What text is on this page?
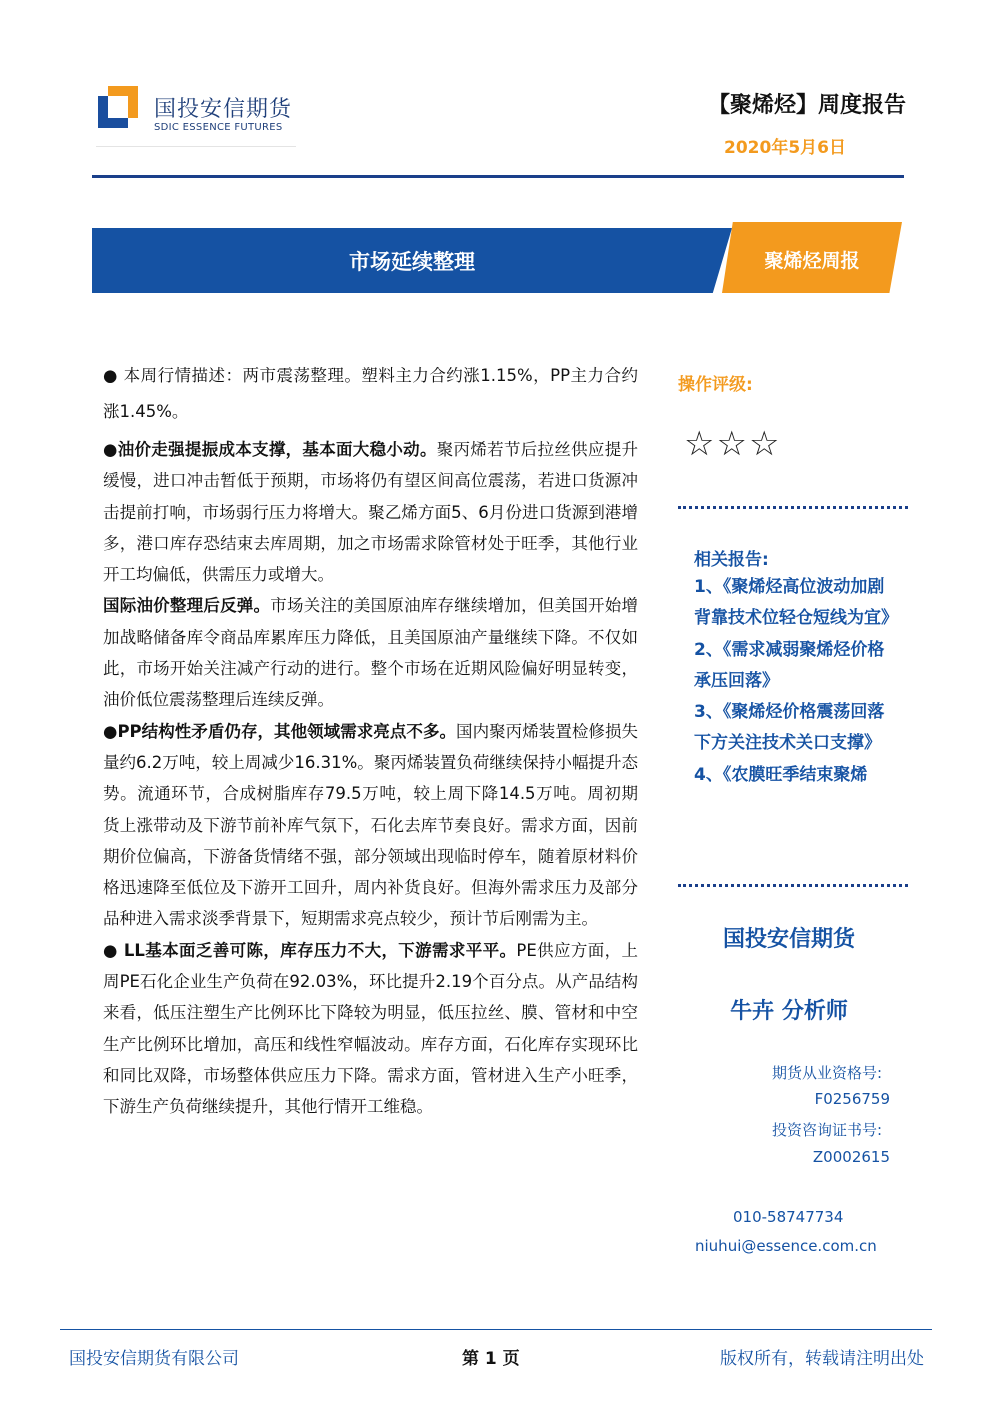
国投安信期货
SDIC ESSENCE FUTURES
【聚烯烃】周度报告
2020年5月6日
市场延续整理	聚烯烃周报

● 本周行情描述：两市震荡整理。塑料主力合约涨1.15%，PP主力合约涨1.45%。

●油价走强提振成本支撑，基本面大稳小动。聚丙烯若节后拉丝供应提升缓慢，进口冲击暂低于预期，市场将仍有望区间高位震荡，若进口货源冲击提前打响，市场弱行压力将增大。聚乙烯方面5、6月份进口货源到港增多，港口库存恐结束去库周期，加之市场需求除管材处于旺季，其他行业开工均偏低，供需压力或增大。

国际油价整理后反弹。市场关注的美国原油库存继续增加，但美国开始增加战略储备库令商品库累库压力降低，且美国原油产量继续下降。不仅如此，市场开始关注减产行动的进行。整个市场在近期风险偏好明显转变，油价低位震荡整理后连续反弹。

●PP结构性矛盾仍存，其他领域需求亮点不多。国内聚丙烯装置检修损失量约6.2万吨，较上周减少16.31%。聚丙烯装置负荷继续保持小幅提升态势。流通环节，合成树脂库存79.5万吨，较上周下降14.5万吨。周初期货上涨带动及下游节前补库气氛下，石化去库节奏良好。需求方面，因前期价位偏高，下游备货情绪不强，部分领域出现临时停车，随着原材料价格迅速降至低位及下游开工回升，周内补货良好。但海外需求压力及部分品种进入需求淡季背景下，短期需求亮点较少，预计节后刚需为主。

● LL基本面乏善可陈，库存压力不大，下游需求平平。PE供应方面，上周PE石化企业生产负荷在92.03%，环比提升2.19个百分点。从产品结构来看，低压注塑生产比例环比下降较为明显，低压拉丝、膜、管材和中空生产比例环比增加，高压和线性窄幅波动。库存方面，石化库存实现环比和同比双降，市场整体供应压力下降。需求方面，管材进入生产小旺季，下游生产负荷继续提升，其他行情开工维稳。

操作评级:
☆☆☆
相关报告:
1、《聚烯烃高位波动加剧 背靠技术位轻仓短线为宜》
2、《需求减弱聚烯烃价格承压回落》
3、《聚烯烃价格震荡回落 下方关注技术关口支撑》
4、《农膜旺季结束聚烯
国投安信期货
牛卉 分析师
期货从业资格号:
F0256759
投资咨询证书号:
Z0002615
010-58747734
niuhui@essence.com.cn
国投安信期货有限公司	第 1 页	版权所有，转载请注明出处
